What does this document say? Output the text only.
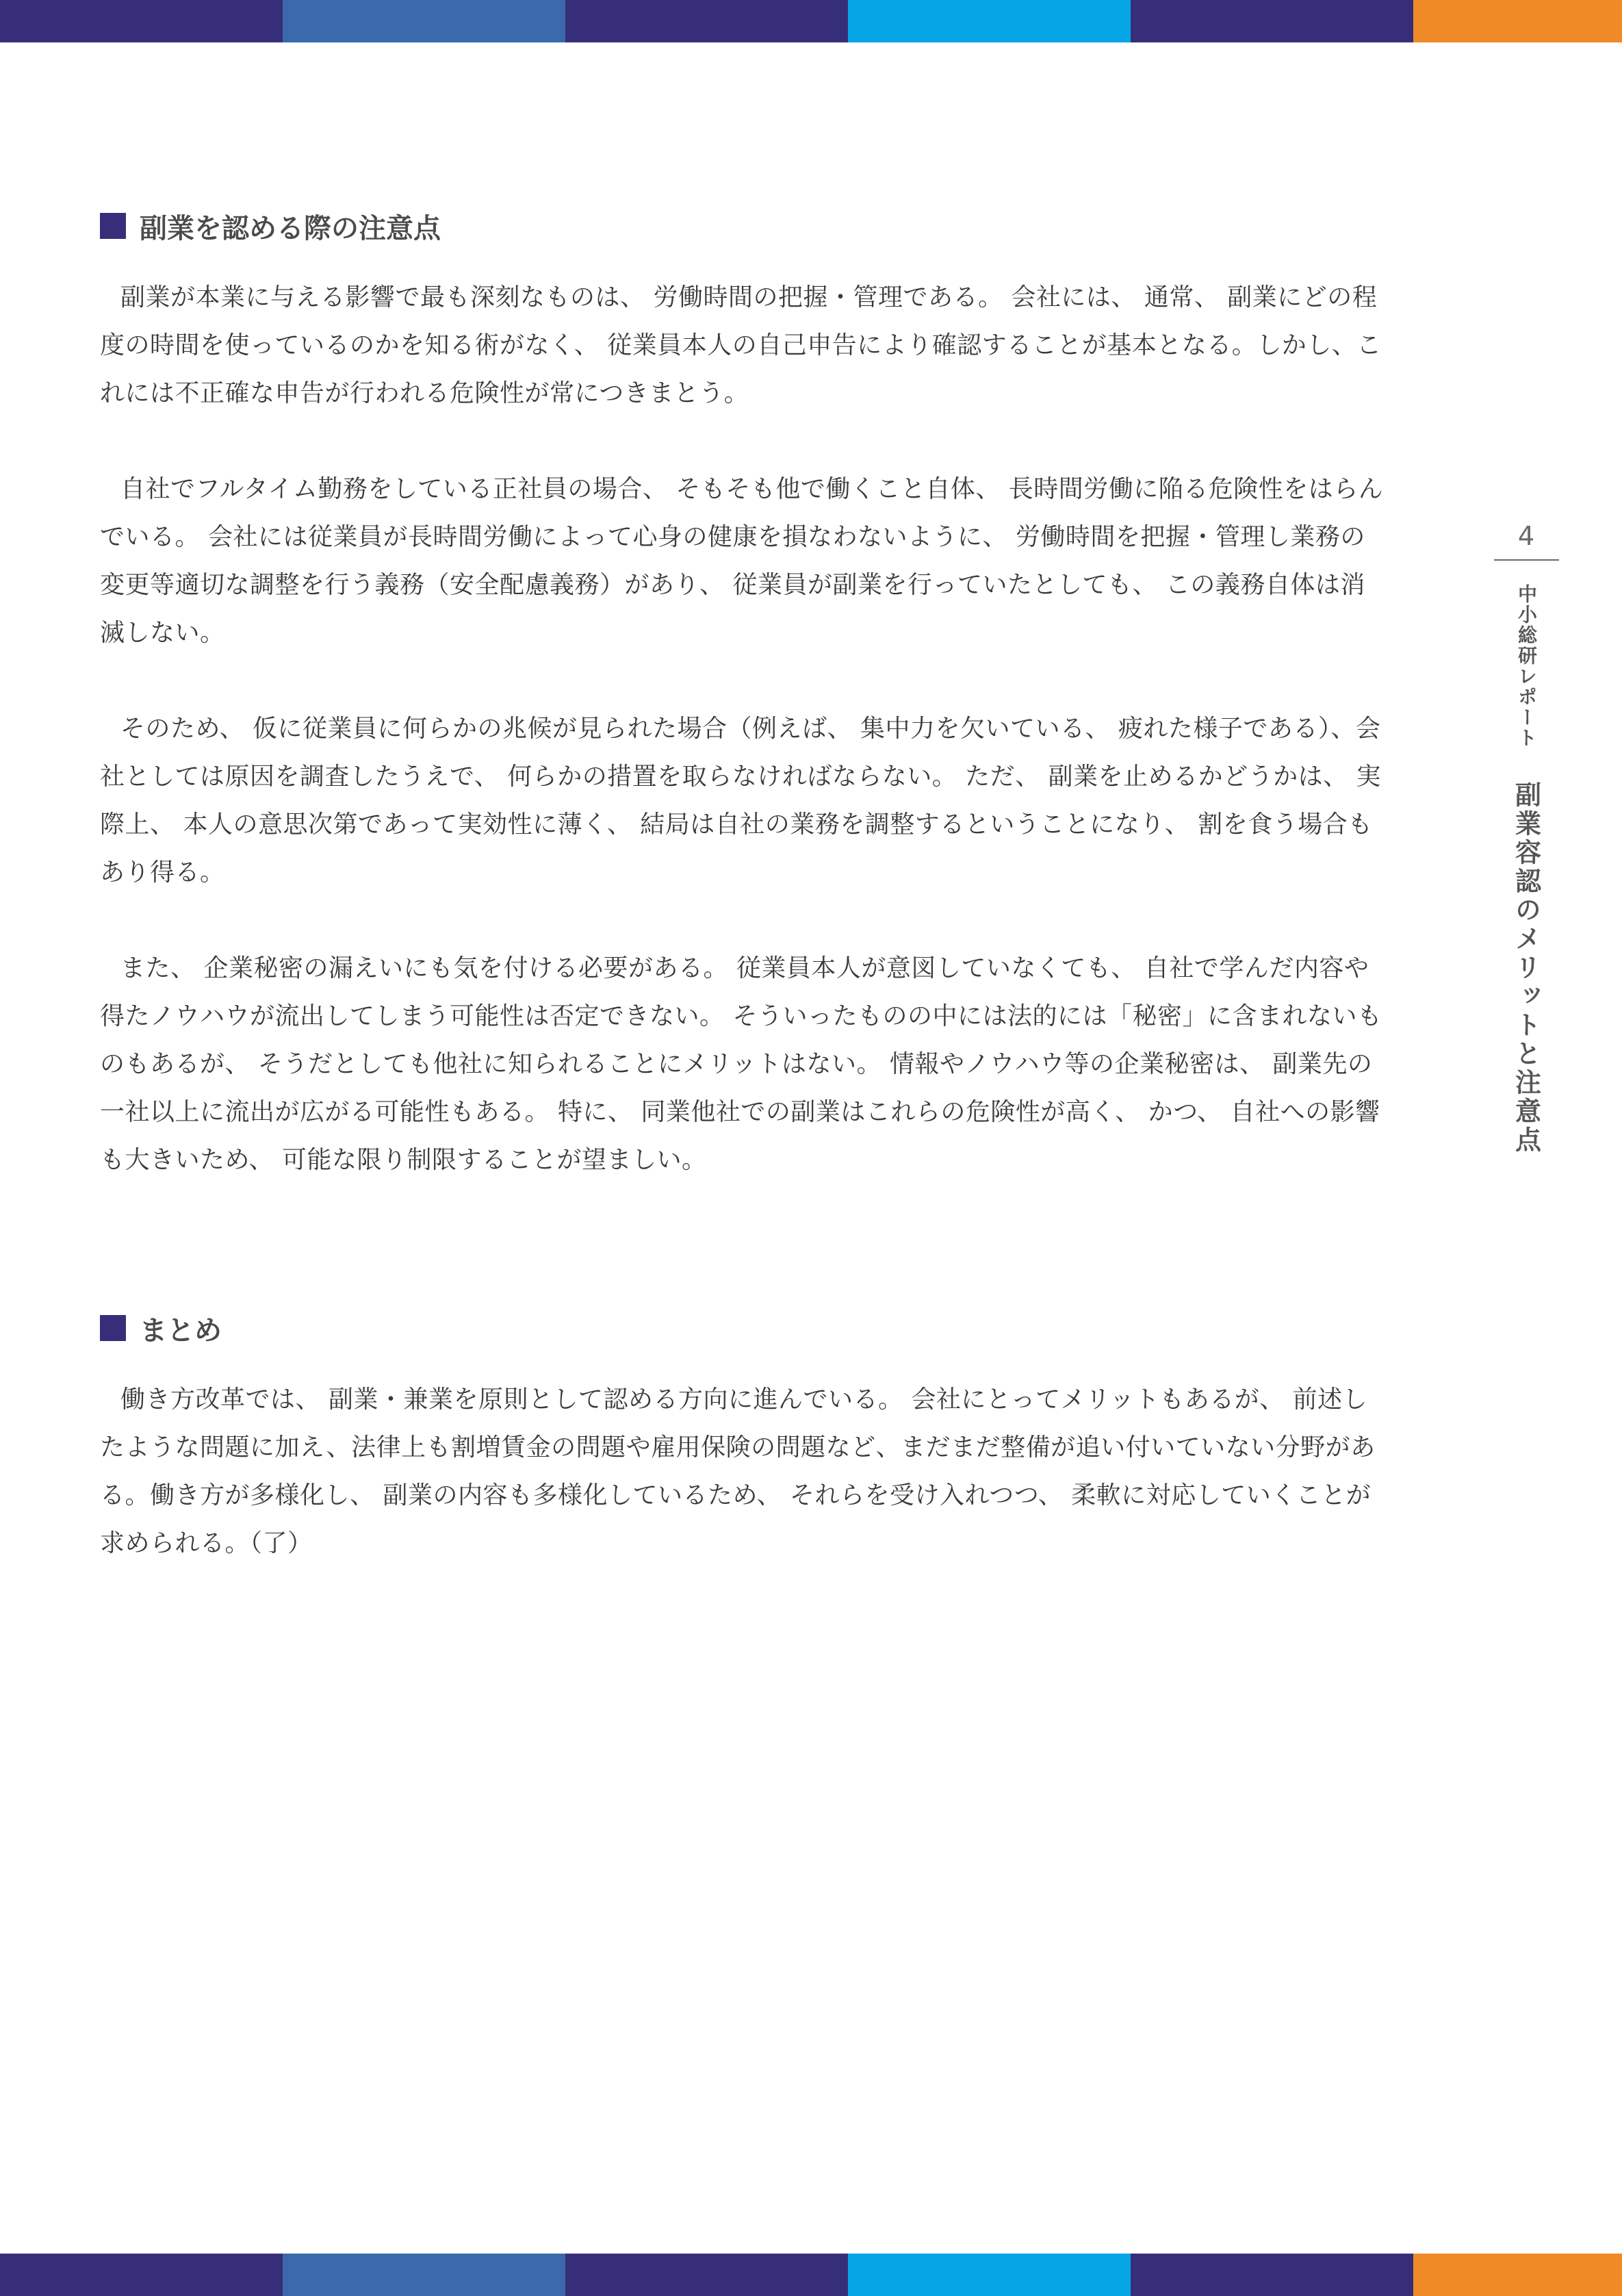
副業を認める際の注意点

副業が本業に与える影響で最も深刻なものは、 労働時間の把握・管理である。 会社には、 通常、 副業にどの程度の時間を使っているのかを知る術がなく、 従業員本人の自己申告により確認することが基本となる。しかし、これには不正確な申告が行われる危険性が常につきまとう。

自社でフルタイム勤務をしている正社員の場合、 そもそも他で働くこと自体、 長時間労働に陥る危険性をはらんでいる。 会社には従業員が長時間労働によって心身の健康を損なわないように、 労働時間を把握・管理し業務の変更等適切な調整を行う義務（安全配慮義務）があり、 従業員が副業を行っていたとしても、 この義務自体は消滅しない。

そのため、 仮に従業員に何らかの兆候が見られた場合（例えば、 集中力を欠いている、 疲れた様子である）、会社としては原因を調査したうえで、 何らかの措置を取らなければならない。 ただ、 副業を止めるかどうかは、 実際上、 本人の意思次第であって実効性に薄く、 結局は自社の業務を調整するということになり、 割を食う場合もあり得る。

また、 企業秘密の漏えいにも気を付ける必要がある。 従業員本人が意図していなくても、 自社で学んだ内容や得たノウハウが流出してしまう可能性は否定できない。 そういったものの中には法的には「秘密」に含まれないものもあるが、 そうだとしても他社に知られることにメリットはない。 情報やノウハウ等の企業秘密は、 副業先の一社以上に流出が広がる可能性もある。 特に、 同業他社での副業はこれらの危険性が高く、 かつ、 自社への影響も大きいため、 可能な限り制限することが望ましい。

まとめ

働き方改革では、 副業・兼業を原則として認める方向に進んでいる。 会社にとってメリットもあるが、 前述したような問題に加え、法律上も割増賃金の問題や雇用保険の問題など、まだまだ整備が追い付いていない分野がある。働き方が多様化し、 副業の内容も多様化しているため、 それらを受け入れつつ、 柔軟に対応していくことが求められる。（了）

4
中小総研レポート
副業容認のメリットと注意点
